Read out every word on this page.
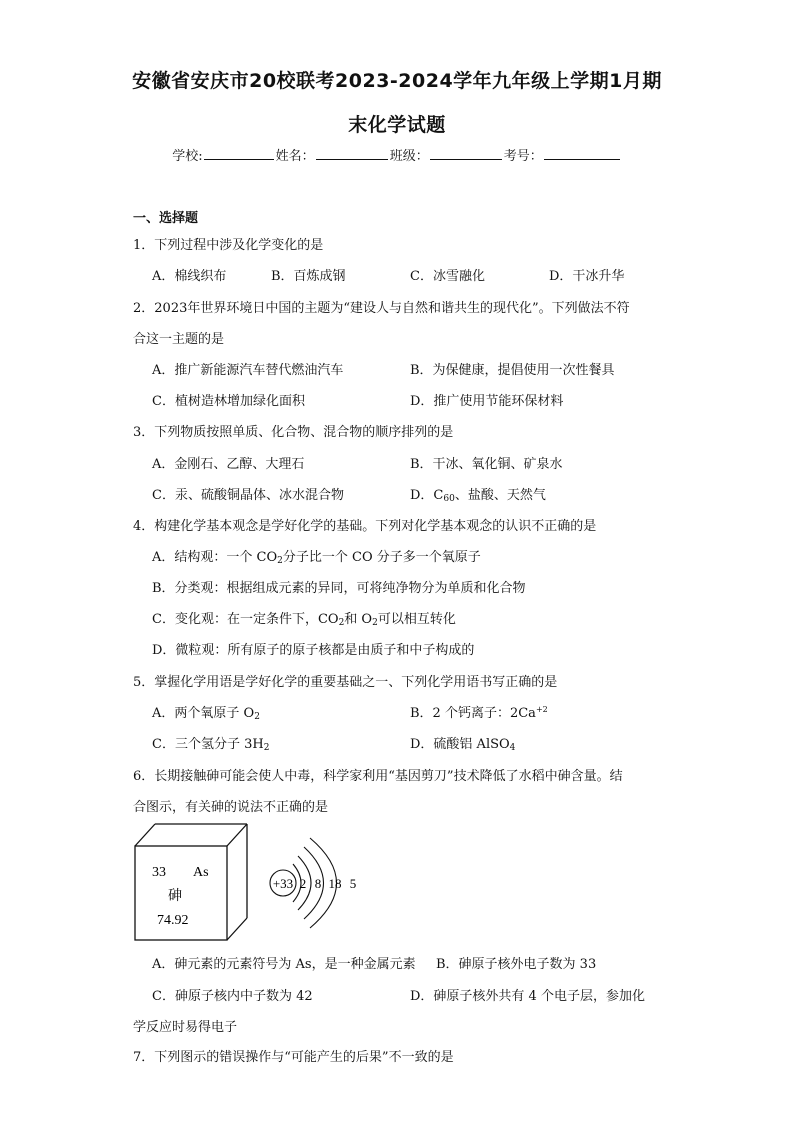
安徽省安庆市20校联考2023-2024学年九年级上学期1月期
末化学试题
学校:	姓名：	班级：	考号：
一、选择题
1．下列过程中涉及化学变化的是
A．棉线织布	B．百炼成钢	C．冰雪融化	D．干冰升华
2．2023年世界环境日中国的主题为“建设人与自然和谐共生的现代化”。下列做法不符
合这一主题的是
A．推广新能源汽车替代燃油汽车	B．为保健康，提倡使用一次性餐具
C．植树造林增加绿化面积	D．推广使用节能环保材料
3．下列物质按照单质、化合物、混合物的顺序排列的是
A．金刚石、乙醇、大理石	B．干冰、氧化铜、矿泉水
C．汞、硫酸铜晶体、冰水混合物	D．$C_{60}$、盐酸、天然气
4．构建化学基本观念是学好化学的基础。下列对化学基本观念的认识不正确的是
A．结构观：一个 $CO_2$分子比一个 CO 分子多一个氧原子
B．分类观：根据组成元素的异同，可将纯净物分为单质和化合物
C．变化观：在一定条件下，$CO_2$和 $O_2$可以相互转化
D．微粒观：所有原子的原子核都是由质子和中子构成的
5．掌握化学用语是学好化学的重要基础之一、下列化学用语书写正确的是
A．两个氧原子 $O_2$	B．2 个钙离子：$2Ca^{+2}$
C．三个氢分子 $3H_2$	D．硫酸铝 AlSO$_4$
6．长期接触砷可能会使人中毒，科学家利用“基因剪刀”技术降低了水稻中砷含量。结
合图示，有关砷的说法不正确的是
33 As
砷
74.92
+33 2 8 18 5
A．砷元素的元素符号为 As，是一种金属元素 B．砷原子核外电子数为 33
C．砷原子核内中子数为 42	D．砷原子核外共有 4 个电子层，参加化
学反应时易得电子
7．下列图示的错误操作与“可能产生的后果”不一致的是
